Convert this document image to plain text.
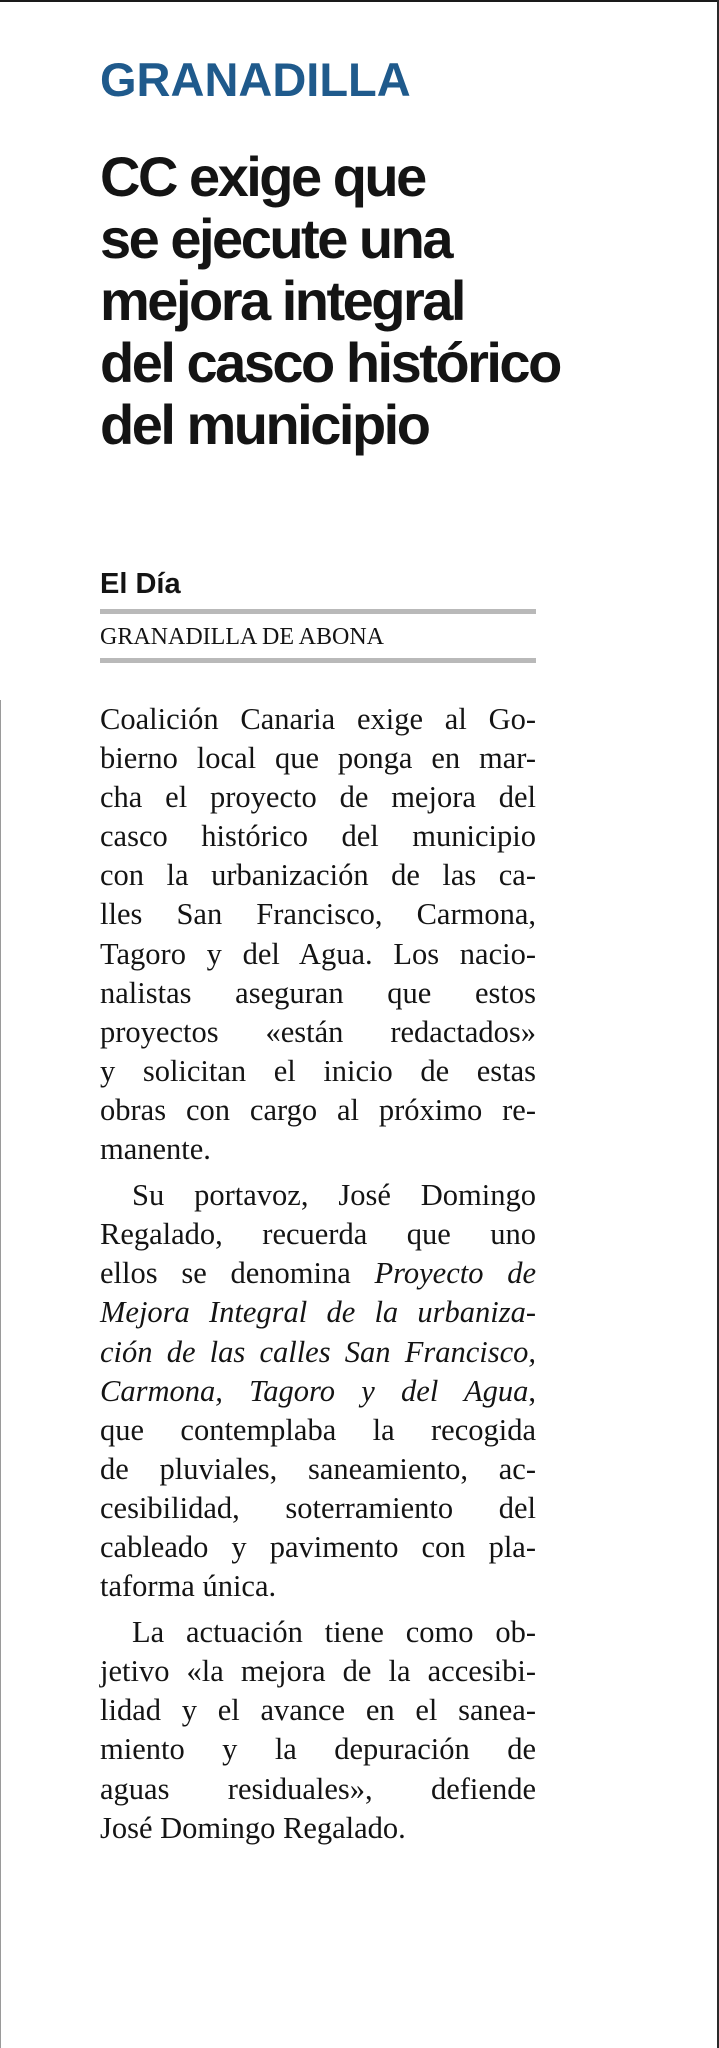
GRANADILLA
CC exige que
se ejecute una
mejora integral
del casco histórico
del municipio
El Día
GRANADILLA DE ABONA
Coalición Canaria exige al Go-
bierno local que ponga en mar-
cha el proyecto de mejora del
casco histórico del municipio
con la urbanización de las ca-
lles San Francisco, Carmona,
Tagoro y del Agua. Los nacio-
nalistas aseguran que estos
proyectos «están redactados»
y solicitan el inicio de estas
obras con cargo al próximo re-
manente.
Su portavoz, José Domingo
Regalado, recuerda que uno
ellos se denomina Proyecto de
Mejora Integral de la urbaniza-
ción de las calles San Francisco,
Carmona, Tagoro y del Agua,
que contemplaba la recogida
de pluviales, saneamiento, ac-
cesibilidad, soterramiento del
cableado y pavimento con pla-
taforma única.
La actuación tiene como ob-
jetivo «la mejora de la accesibi-
lidad y el avance en el sanea-
miento y la depuración de
aguas residuales», defiende
José Domingo Regalado.
